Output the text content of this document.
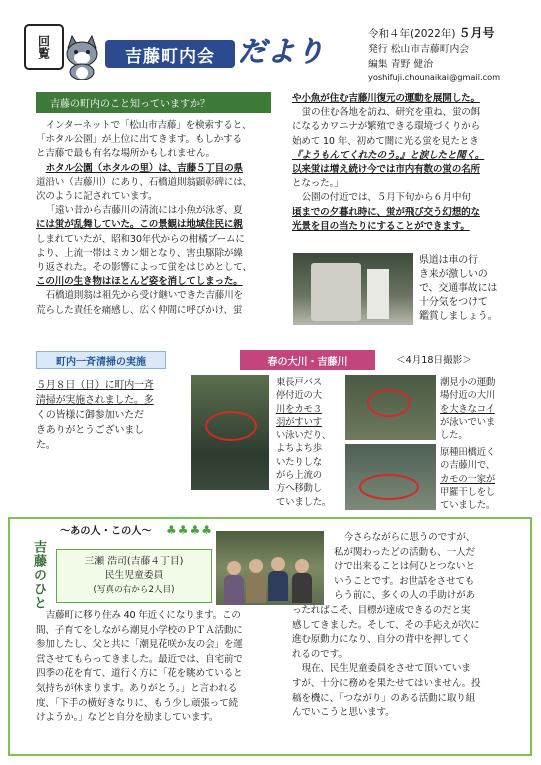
回覧	吉藤町内会 だより
令和４年(2022年) ５月号
発行 松山市吉藤町内会
編集 青野 健治
yoshifuji.chounaikai@gmail.com
吉藤の町内のこと知っていますか？
インターネットで「松山市吉藤」を検索すると、
「ホタル公園」が上位に出てきます。もしかする
と吉藤で最も有名な場所かもしれません。
ホタル公園（ホタルの里）は、吉藤５丁目の県
道沿い（吉藤川）にあり、石橋道則翁顕彰碑には、
次のように記されています。
「遠い昔から吉藤川の清流には小魚が泳ぎ、夏
には蛍が乱舞していた。この景観は地域住民に親
しまれていたが、昭和30年代からの柑橘ブームに
より、上流一帯はミカン畑となり、害虫駆除が繰
り返された。その影響によって蛍をはじめとして、
この川の生き物はほとんど姿を消してしまった。
石橋道則翁は祖先から受け継いできた吉藤川を
荒らした責任を痛感し、広く仲間に呼びかけ、蛍
や小魚が住む吉藤川復元の運動を展開した。
蛍の住む各地を訪ね、研究を重ね、蛍の餌
になるカワニナが繁殖できる環境づくりから
始めて 10 年、初めて闇に光る蛍を見たとき
『ようもんてくれたのう。』と涙したと聞く。
以来蛍は増え続け今では市内有数の蛍の名所
となった。」
公園の付近では、５月下旬から６月中旬
頃までの夕暮れ時に、蛍が飛び交う幻想的な
光景を目の当たりにすることができます。
県道は車の行
き来が激しいの
で、交通事故には
十分気をつけて
鑑賞しましょう。
町内一斉清掃の実施
５月８日（日）に町内一斉
清掃が実施されました。多
くの皆様に御参加いただ
きありがとうございまし
た。
春の大川・吉藤川	＜4月18日撮影＞
東長戸バス
停付近の大
川をカモ３
羽がすいす
い泳いだり、
よちよち歩
いたりしな
がら上流の
方へ移動し
ていました。
潮見小の運動
場付近の大川
を大きなコイ
が泳いでいま
した。
原種田橋近く
の吉藤川で、
カモの一家が
甲羅干しをし
ていました。
吉藤のひと
〜あの人・この人〜 ♣♣♣♣
三瀬 浩司(吉藤４丁目)
民生児童委員
(写真の右から2人目)
吉藤町に移り住み 40 年近くになります。この
間、子育てをしながら潮見小学校のＰＴＡ活動に
参加したし、父と共に「潮見花咲か友の会」を運
営させてもらってきました。最近では、自宅前で
四季の花を育て、道行く方に「花を眺めていると
気持ちが休まります。ありがとう。」と言われる
度、「下手の横好きなりに、もう少し頑張って続
けようか。」などと自分を励ましています。
今さらながらに思うのですが、
私が関わったどの活動も、一人だ
けで出来ることは何ひとつないと
いうことです。お世話をさせても
らう前に、多くの人の手助けがあ
ったればこそ、目標が達成できるのだと実
感してきました。そして、その手応えが次に
進む原動力になり、自分の背中を押してく
れるのです。
現在、民生児童委員をさせて頂いていま
すが、十分に務めを果たせてはいません。投
稿を機に、「つながり」のある活動に取り組
んでいこうと思います。
